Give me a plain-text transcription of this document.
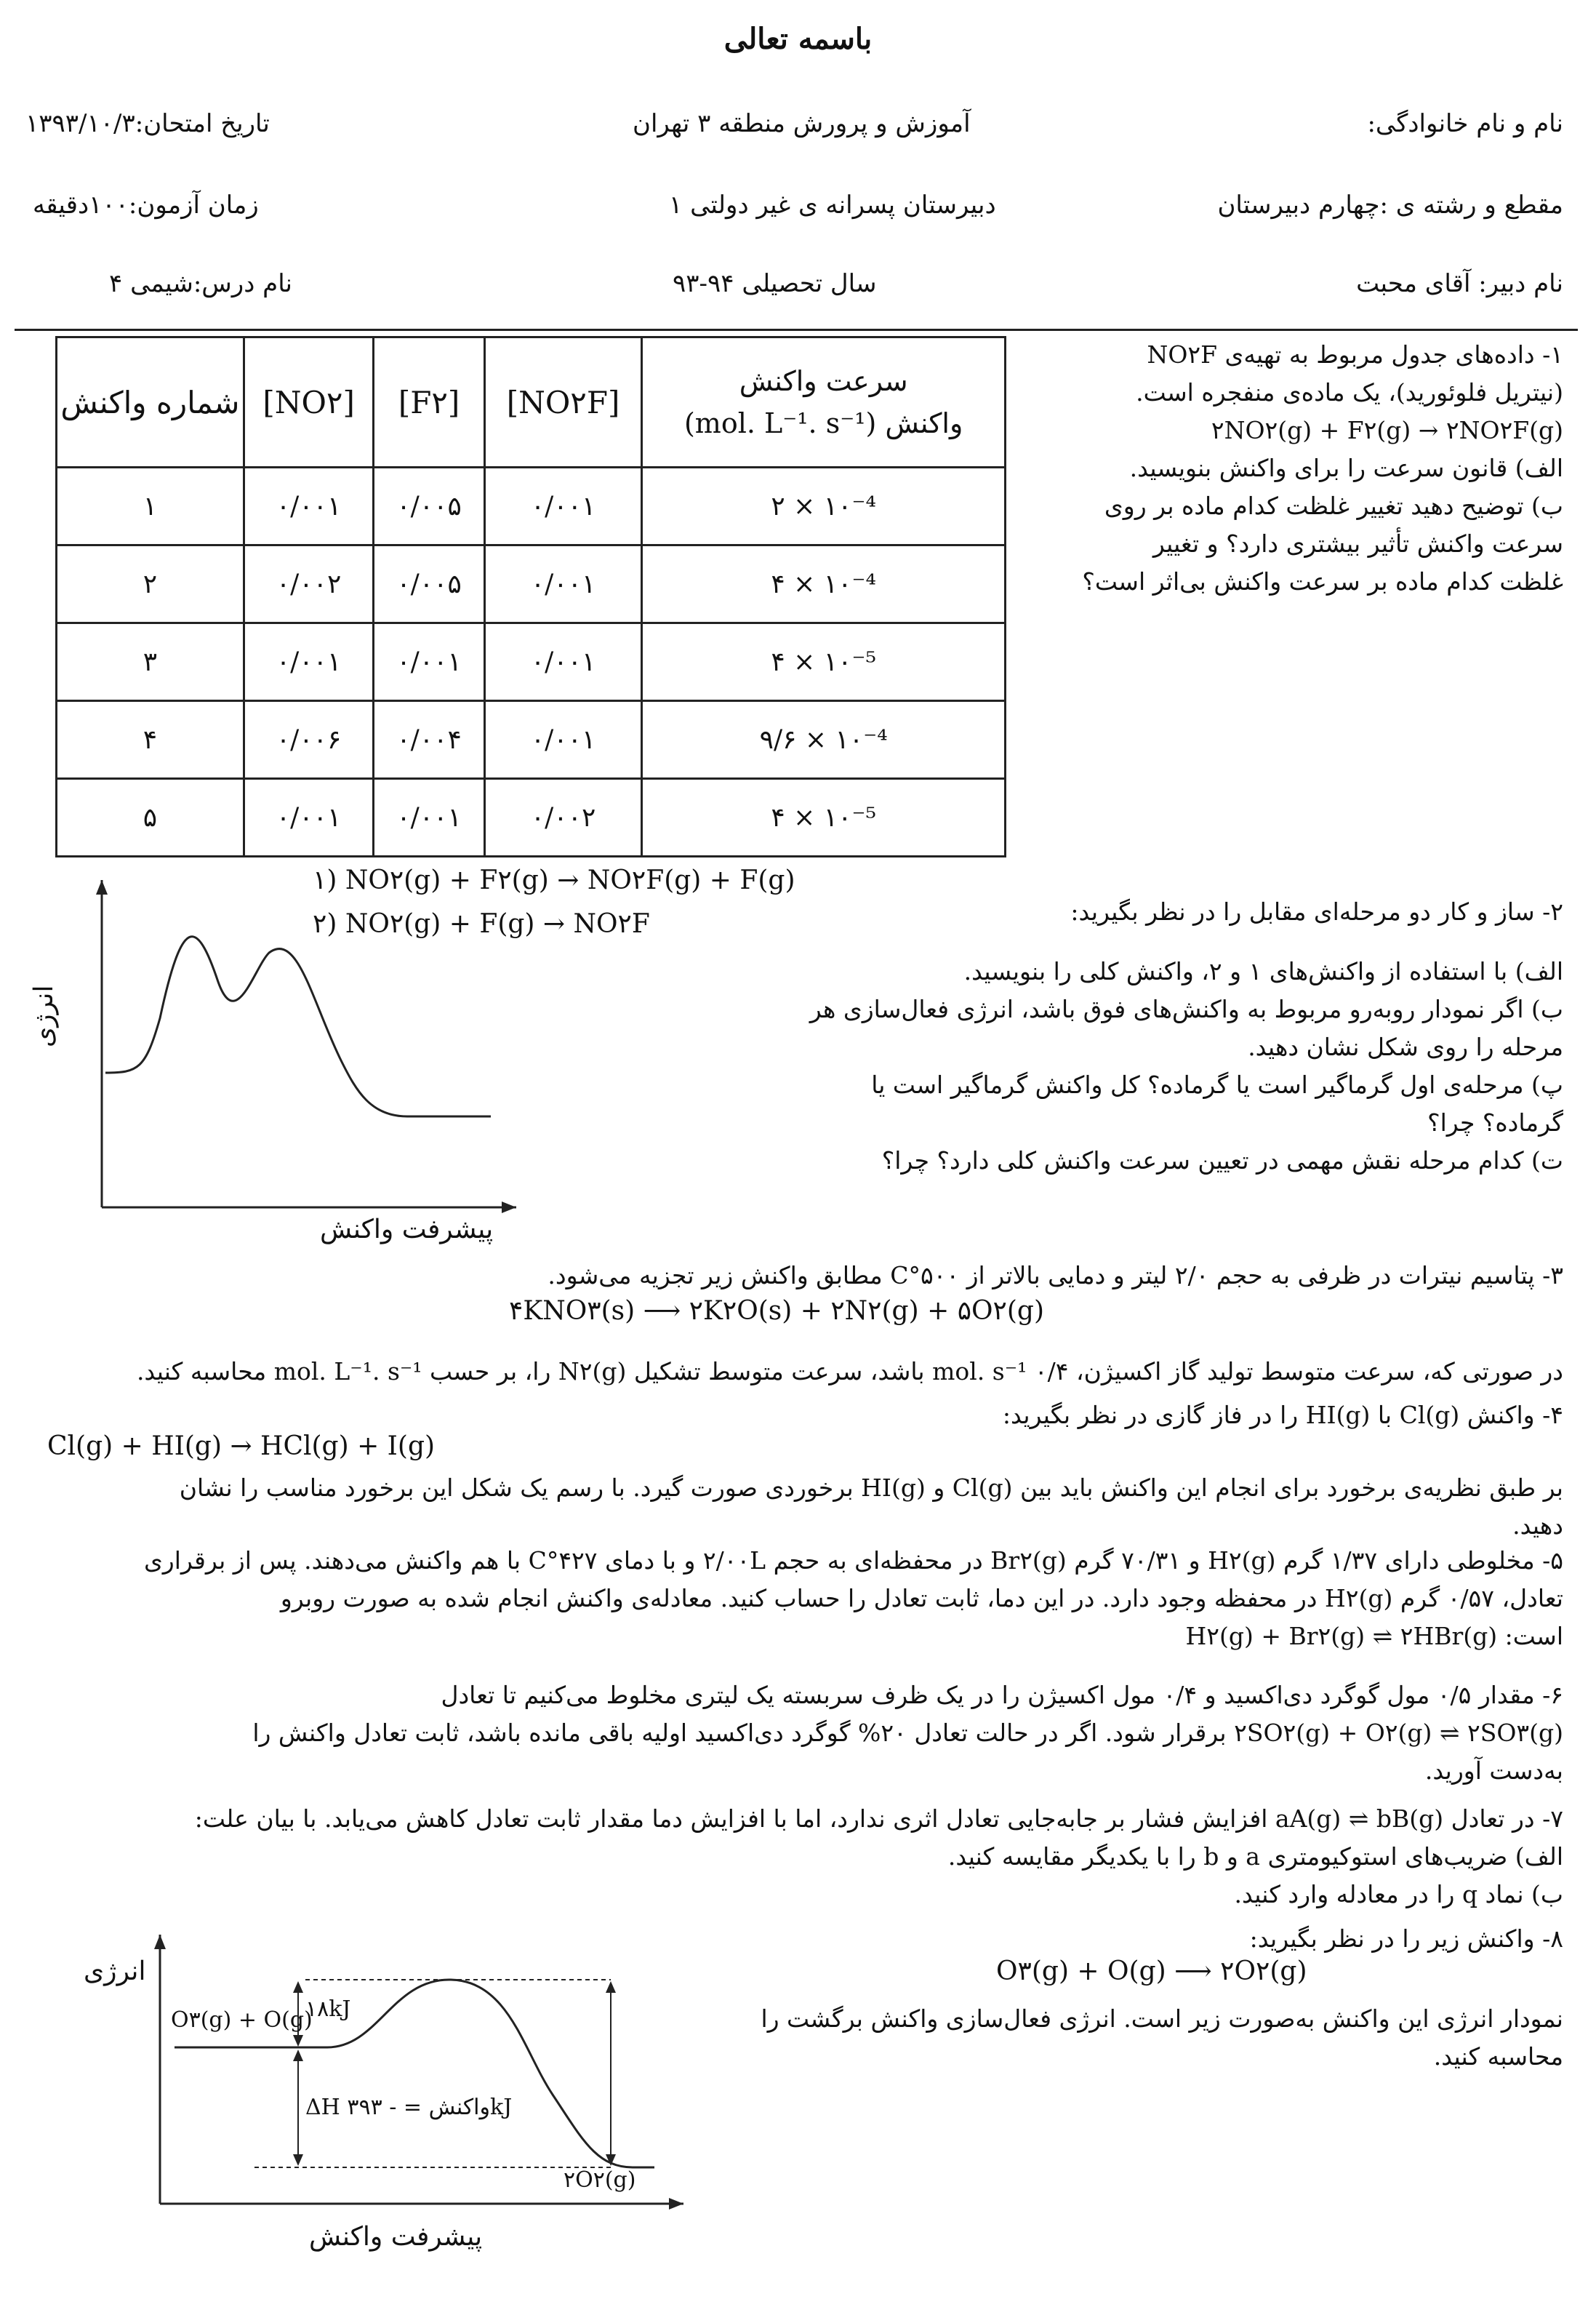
باسمه تعالی
نام و نام خانوادگی:
آموزش و پرورش منطقه ۳ تهران
تاریخ امتحان:۱۳۹۳/۱۰/۳
مقطع و رشته ی :چهارم دبیرستان
دبیرستان پسرانه ی غیر دولتی ۱
زمان آزمون:۱۰۰دقیقه
نام دبیر: آقای محبت
سال تحصیلی ۹۴-۹۳
نام درس:شیمی ۴
شماره واکنش	[NO۲]	[F۲]	[NO۲F]	سرعت واکنش
واکنش (mol. L⁻¹. s⁻¹)

۱	۰/۰۰۱	۰/۰۰۵	۰/۰۰۱	۲ × ۱۰⁻⁴
۲	۰/۰۰۲	۰/۰۰۵	۰/۰۰۱	۴ × ۱۰⁻⁴
۳	۰/۰۰۱	۰/۰۰۱	۰/۰۰۱	۴ × ۱۰⁻⁵
۴	۰/۰۰۶	۰/۰۰۴	۰/۰۰۱	۹/۶ × ۱۰⁻⁴
۵	۰/۰۰۱	۰/۰۰۱	۰/۰۰۲	۴ × ۱۰⁻⁵

۱- داده‌های جدول مربوط به تهیه‌ی NO۲F

(نیتریل فلوئورید)، یک ماده‌ی منفجره است.

۲NO۲(g) + F۲(g) → ۲NO۲F(g)

الف) قانون سرعت را برای واکنش بنویسید.

ب) توضیح دهید تغییر غلظت کدام ماده بر روی

سرعت واکنش تأثیر بیشتری دارد؟ و تغییر

غلظت کدام ماده بر سرعت واکنش بی‌اثر است؟

۱) NO۲(g) + F۲(g) → NO۲F(g) + F(g)
۲) NO۲(g) + F(g) → NO۲F	۲- ساز و کار دو مرحله‌ای مقابل را در نظر بگیرید:

الف) با استفاده از واکنش‌های ۱ و ۲، واکنش کلی را بنویسید.

ب) اگر نمودار روبه‌رو مربوط به واکنش‌های فوق باشد، انرژی فعال‌سازی هر

مرحله را روی شکل نشان دهید.

پ) مرحله‌ی اول گرماگیر است یا گرماده؟ کل واکنش گرماگیر است یا

گرماده؟ چرا؟

ت) کدام مرحله نقش مهمی در تعیین سرعت واکنش کلی دارد؟ چرا؟

انرژی
پیشرفت واکنش

۳- پتاسیم نیترات در ظرفی به حجم ۲/۰ لیتر و دمایی بالاتر از ۵۰۰°C مطابق واکنش زیر تجزیه می‌شود.

۴KNO۳(s) ⟶ ۲K۲O(s) + ۲N۲(g) + ۵O۲(g)
در صورتی که، سرعت متوسط تولید گاز اکسیژن، ۰/۴ mol. s⁻¹ باشد، سرعت متوسط تشکیل N۲(g) را، بر حسب mol. L⁻¹. s⁻¹ محاسبه کنید.
۴- واکنش Cl(g) با HI(g) را در فاز گازی در نظر بگیرید:
Cl(g) + HI(g) → HCl(g) + I(g)

بر طبق نظریه‌ی برخورد برای انجام این واکنش باید بین Cl(g) و HI(g) برخوردی صورت گیرد. با رسم یک شکل این برخورد مناسب را نشان

دهید.

۵- مخلوطی دارای ۱/۳۷ گرم H۲(g) و ۷۰/۳۱ گرم Br۲(g) در محفظه‌ای به حجم ۲/۰۰L و با دمای ۴۲۷°C با هم واکنش می‌دهند. پس از برقراری

تعادل، ۰/۵۷ گرم H۲(g) در محفظه وجود دارد. در این دما، ثابت تعادل را حساب کنید. معادله‌ی واکنش انجام شده به صورت روبرو

است: H۲(g) + Br۲(g) ⇌ ۲HBr(g)

۶- مقدار ۰/۵ مول گوگرد دی‌اکسید و ۰/۴ مول اکسیژن را در یک ظرف سربسته یک لیتری مخلوط می‌کنیم تا تعادل

۲SO۲(g) + O۲(g) ⇌ ۲SO۳(g) برقرار شود. اگر در حالت تعادل ۲۰% گوگرد دی‌اکسید اولیه باقی مانده باشد، ثابت تعادل واکنش را

به‌دست آورید.

۷- در تعادل aA(g) ⇌ bB(g) افزایش فشار بر جابه‌جایی تعادل اثری ندارد، اما با افزایش دما مقدار ثابت تعادل کاهش می‌یابد. با بیان علت:

الف) ضریب‌های استوکیومتری a و b را با یکدیگر مقایسه کنید.

ب) نماد q را در معادله وارد کنید.

۸- واکنش زیر را در نظر بگیرید:
O۳(g) + O(g) ⟶ ۲O۲(g)

نمودار انرژی این واکنش به‌صورت زیر است. انرژی فعال‌سازی واکنش برگشت را

محاسبه کنید.

انرژی
O۳(g) + O(g)
۱۸kJ
ΔH واکنش = - ۳۹۳kJ
۲O۲(g)
پیشرفت واکنش
